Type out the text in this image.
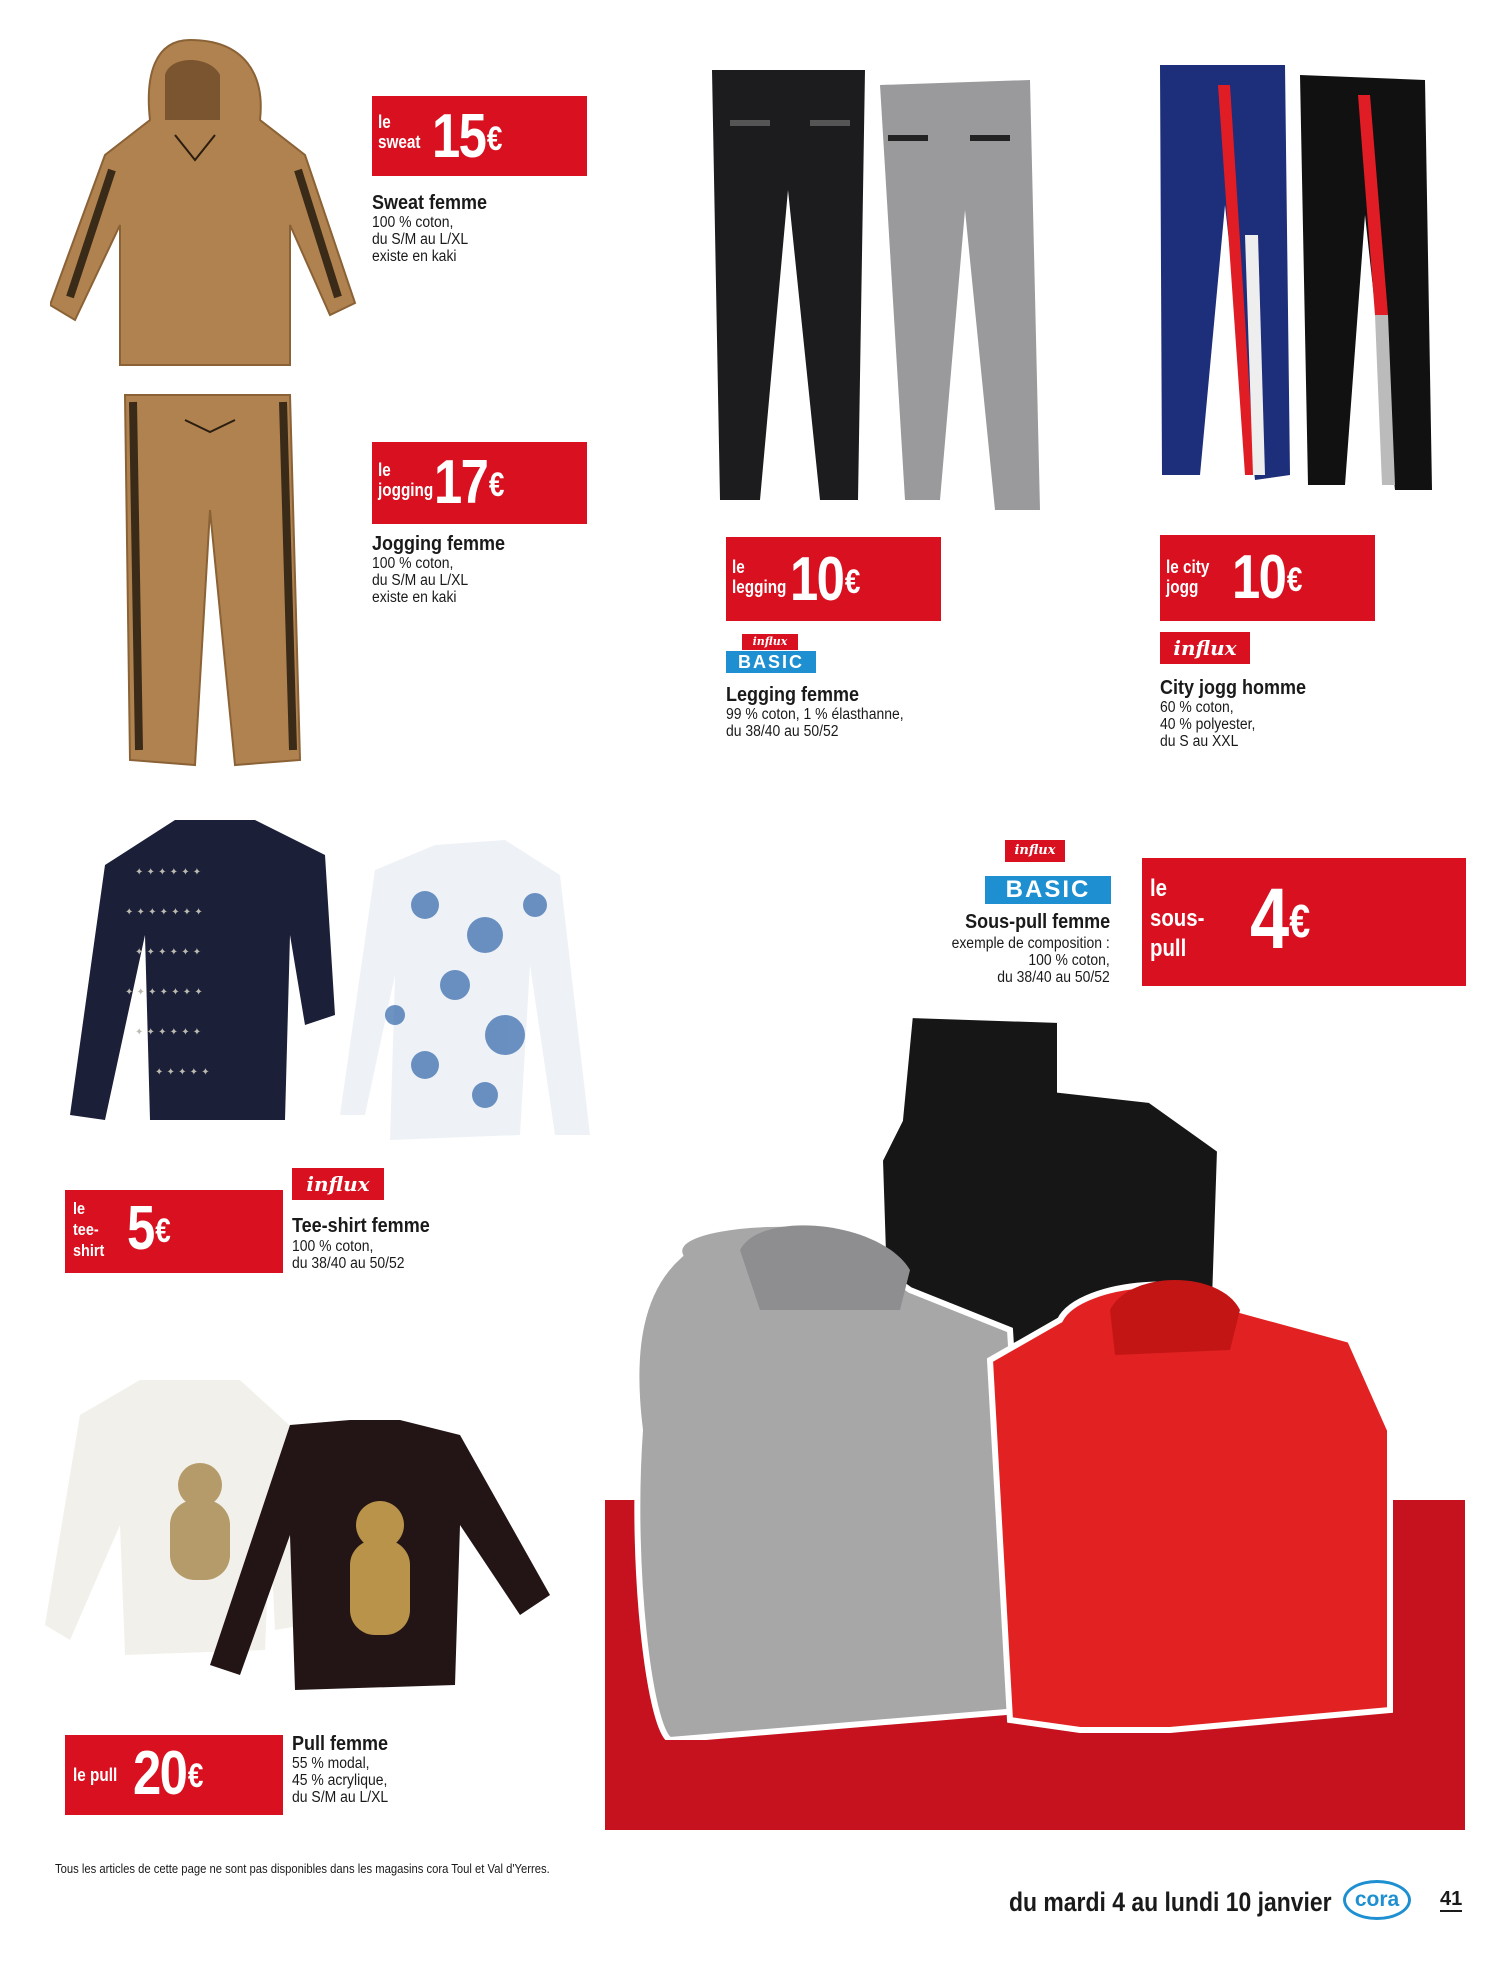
✦ ✦ ✦ ✦ ✦ ✦
✦ ✦ ✦ ✦ ✦ ✦ ✦
✦ ✦ ✦ ✦ ✦ ✦
✦ ✦ ✦ ✦ ✦ ✦ ✦
✦ ✦ ✦ ✦ ✦ ✦
✦ ✦ ✦ ✦ ✦
le
sweat 15€
Sweat femme
100 % coton,
du S/M au L/XL
existe en kaki
le
jogging 17€
Jogging femme
100 % coton,
du S/M au L/XL
existe en kaki
le
legging 10€
influx
BASIC
Legging femme
99 % coton, 1 % élasthanne,
du 38/40 au 50/52
le city
jogg 10€
influx
City jogg homme
60 % coton,
40 % polyester,
du S au XXL
influx
BASIC
Sous-pull femme
exemple de composition :
100 % coton,
du 38/40 au 50/52
le
sous-
pull 4€
le
tee-
shirt 5€
influx
Tee-shirt femme
100 % coton,
du 38/40 au 50/52
le pull 20€
Pull femme
55 % modal,
45 % acrylique,
du S/M au L/XL
Tous les articles de cette page ne sont pas disponibles dans les magasins cora Toul et Val d'Yerres.
du mardi 4 au lundi 10 janvier	cora	41
